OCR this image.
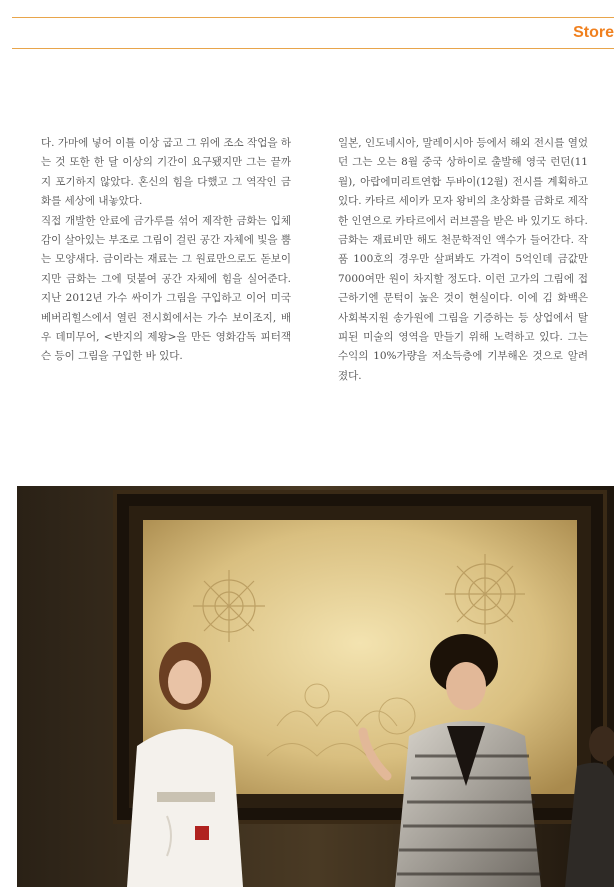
Store

다. 가마에 넣어 이틀 이상 굽고 그 위에 조소 작업을 하는 것 또한 한 달 이상의 기간이 요구됐지만 그는 끝까지 포기하지 않았다. 혼신의 힘을 다했고 그 역작인 금화를 세상에 내놓았다.

직접 개발한 안료에 금가루를 섞어 제작한 금화는 입체감이 살아있는 부조로 그림이 걸린 공간 자체에 빛을 뿜는 모양새다. 금이라는 재료는 그 원료만으로도 돋보이지만 금화는 그에 덧붙여 공간 자체에 힘을 실어준다. 지난 2012년 가수 싸이가 그림을 구입하고 이어 미국 베버리힐스에서 열린 전시회에서는 가수 보이조지, 배우 데미무어, <반지의 제왕>을 만든 영화감독 피터잭슨 등이 그림을 구입한 바 있다.

일본, 인도네시아, 말레이시아 등에서 해외 전시를 열었던 그는 오는 8월 중국 상하이로 출발해 영국 런던(11월), 아랍에미리트연합 두바이(12월) 전시를 계획하고 있다. 카타르 세이카 모자 왕비의 초상화를 금화로 제작한 인연으로 카타르에서 러브콜을 받은 바 있기도 하다.

금화는 재료비만 해도 천문학적인 액수가 들어간다. 작품 100호의 경우만 살펴봐도 가격이 5억인데 금값만 7000여만 원이 차지할 정도다. 이런 고가의 그림에 접근하기엔 문턱이 높은 것이 현실이다. 이에 김 화백은 사회복지원 송가원에 그림을 기증하는 등 상업에서 탈피된 미술의 영역을 만들기 위해 노력하고 있다. 그는 수익의 10%가량을 저소득층에 기부해온 것으로 알려졌다.
